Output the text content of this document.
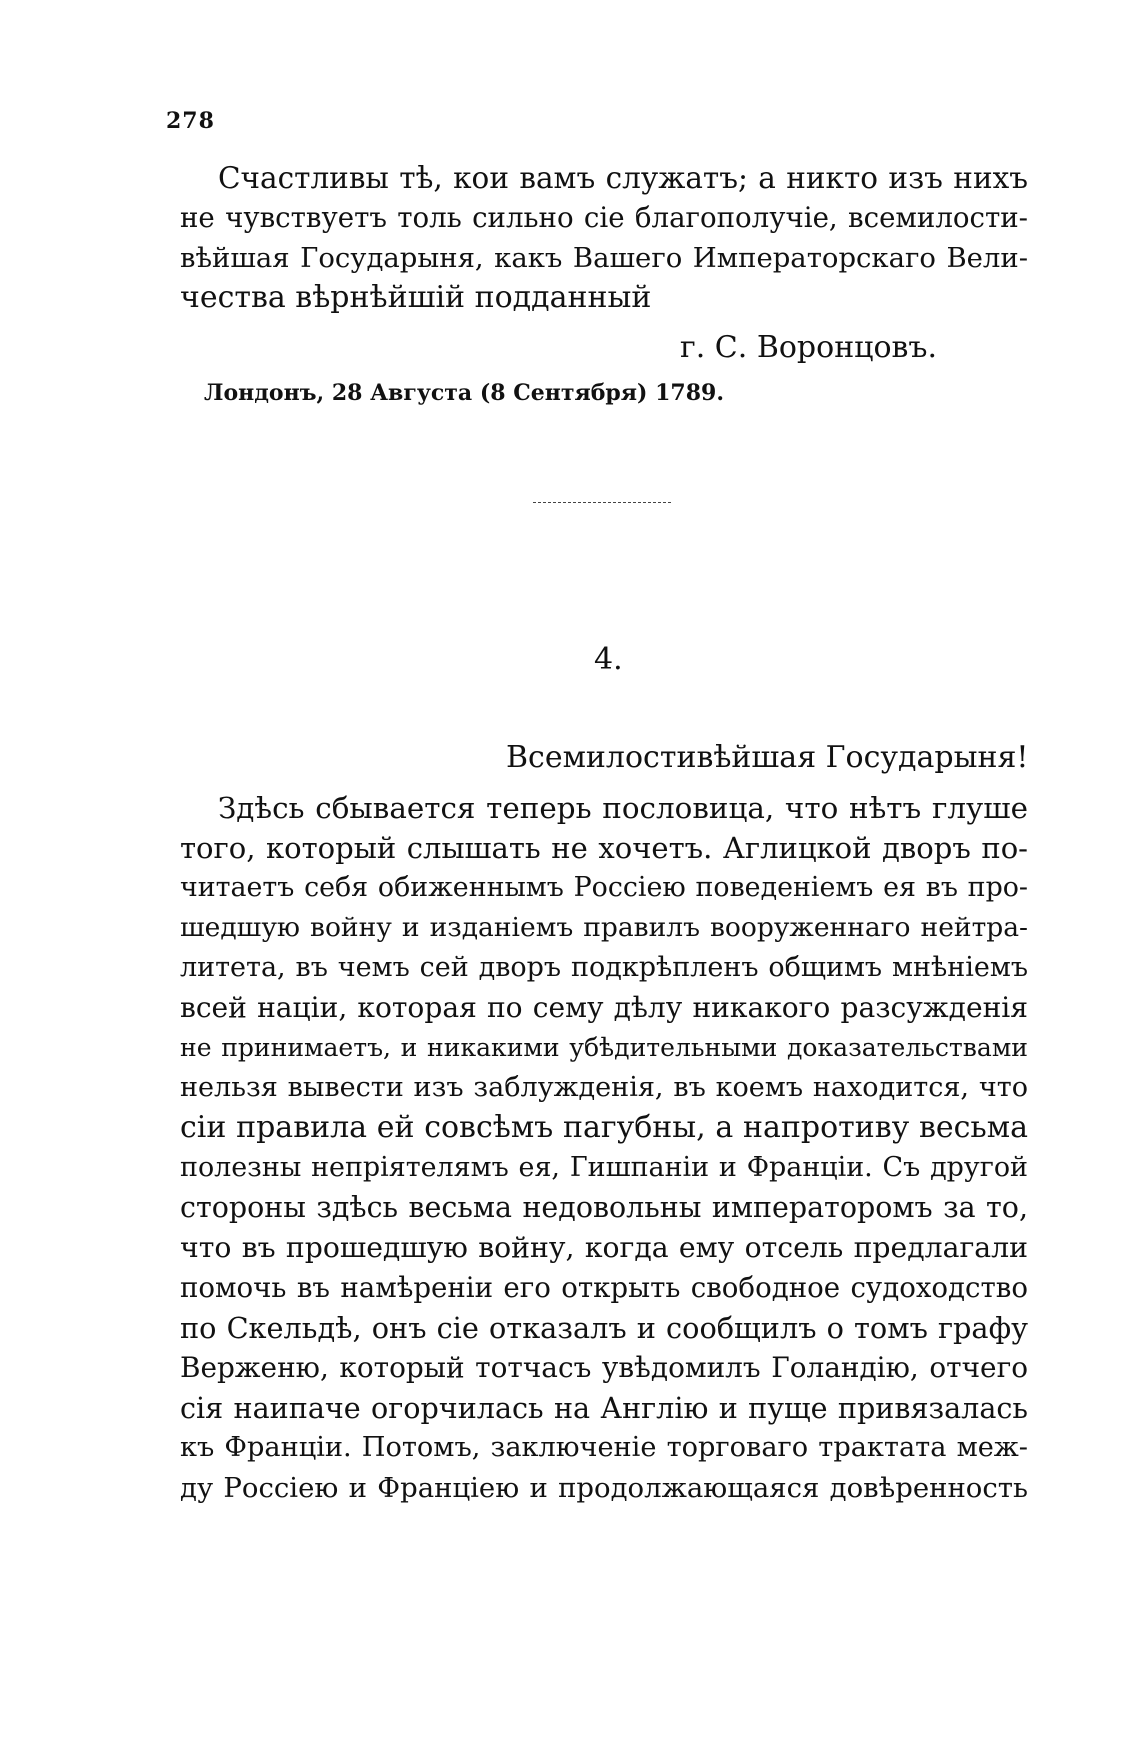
278
Счастливы тѣ, кои вамъ служатъ; а никто изъ нихъ
не чувствуетъ толь сильно сіе благополучіе, всемилости-
вѣйшая Государыня, какъ Вашего Императорскаго Вели-
чества вѣрнѣйшій подданный
г. С. Воронцовъ.
Лондонъ, 28 Августа (8 Сентября) 1789.
4.
Всемилостивѣйшая Государыня!
Здѣсь сбывается теперь пословица, что нѣтъ глуше
того, который слышать не хочетъ. Аглицкой дворъ по-
читаетъ себя обиженнымъ Россіею поведеніемъ ея въ про-
шедшую войну и изданіемъ правилъ вооруженнаго нейтра-
литета, въ чемъ сей дворъ подкрѣпленъ общимъ мнѣніемъ
всей націи, которая по сему дѣлу никакого разсужденія
не принимаетъ, и никакими убѣдительными доказательствами
нельзя вывести изъ заблужденія, въ коемъ находится, что
сіи правила ей совсѣмъ пагубны, а напротиву весьма
полезны непріятелямъ ея, Гишпаніи и Франціи. Съ другой
стороны здѣсь весьма недовольны императоромъ за то,
что въ прошедшую войну, когда ему отсель предлагали
помочь въ намѣреніи его открыть свободное судоходство
по Скельдѣ, онъ сіе отказалъ и сообщилъ о томъ графу
Верженю, который тотчасъ увѣдомилъ Голандію, отчего
сія наипаче огорчилась на Англію и пуще привязалась
къ Франціи. Потомъ, заключеніе торговаго трактата меж-
ду Россіею и Франціею и продолжающаяся довѣренность
